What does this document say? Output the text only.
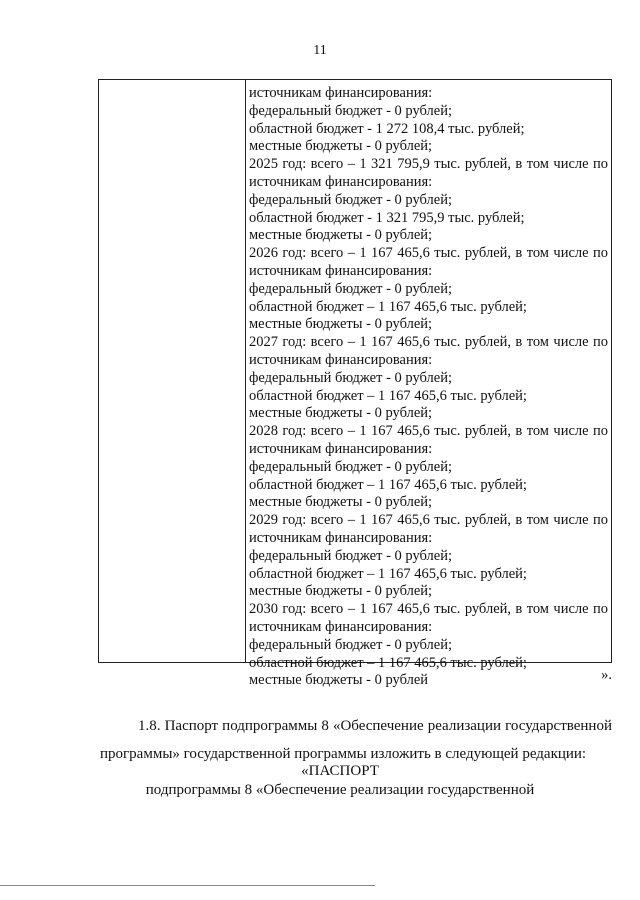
11
источникам финансирования:
федеральный бюджет - 0 рублей;
областной бюджет - 1 272 108,4 тыс. рублей;
местные бюджеты - 0 рублей;
2025 год: всего – 1 321 795,9 тыс. рублей, в том числе по
источникам финансирования:
федеральный бюджет - 0 рублей;
областной бюджет - 1 321 795,9 тыс. рублей;
местные бюджеты - 0 рублей;
2026 год: всего – 1 167 465,6 тыс. рублей, в том числе по
источникам финансирования:
федеральный бюджет - 0 рублей;
областной бюджет – 1 167 465,6 тыс. рублей;
местные бюджеты - 0 рублей;
2027 год: всего – 1 167 465,6 тыс. рублей, в том числе по
источникам финансирования:
федеральный бюджет - 0 рублей;
областной бюджет – 1 167 465,6 тыс. рублей;
местные бюджеты - 0 рублей;
2028 год: всего – 1 167 465,6 тыс. рублей, в том числе по
источникам финансирования:
федеральный бюджет - 0 рублей;
областной бюджет – 1 167 465,6 тыс. рублей;
местные бюджеты - 0 рублей;
2029 год: всего – 1 167 465,6 тыс. рублей, в том числе по
источникам финансирования:
федеральный бюджет - 0 рублей;
областной бюджет – 1 167 465,6 тыс. рублей;
местные бюджеты - 0 рублей;
2030 год: всего – 1 167 465,6 тыс. рублей, в том числе по
источникам финансирования:
федеральный бюджет - 0 рублей;
областной бюджет – 1 167 465,6 тыс. рублей;
местные бюджеты - 0 рублей	».
1.8. Паспорт подпрограммы 8 «Обеспечение реализации государственной
программы» государственной программы изложить в следующей редакции:
«ПАСПОРТ
подпрограммы 8 «Обеспечение реализации государственной
